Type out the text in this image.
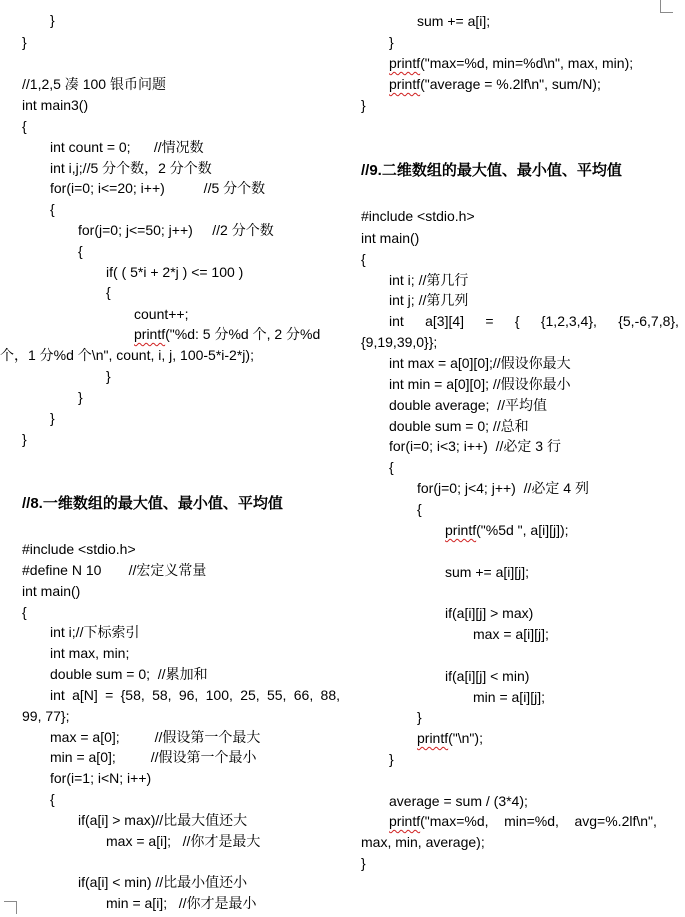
}
}
//1,2,5 凑 100 银币问题
int main3()
{
int count = 0;      //情况数
int i,j;//5 分个数，2 分个数
for(i=0; i<=20; i++)          //5 分个数
{
for(j=0; j<=50; j++)     //2 分个数
{
if( ( 5*i + 2*j ) <= 100 )
{
count++;
printf("%d: 5 分%d 个, 2 分%d
个，1 分%d 个\n", count, i, j, 100-5*i-2*j);
}
}
}
}
//8.一维数组的最大值、最小值、平均值
#include <stdio.h>
#define N 10       //宏定义常量
int main()
{
int i;//下标索引
int max, min;
double sum = 0;  //累加和
int a[N] = {58, 58, 96, 100, 25, 55, 66, 88,
99, 77};
max = a[0];         //假设第一个最大
min = a[0];         //假设第一个最小
for(i=1; i<N; i++)
{
if(a[i] > max)//比最大值还大
max = a[i];   //你才是最大
if(a[i] < min) //比最小值还小
min = a[i];   //你才是最小
sum += a[i];
}
printf("max=%d, min=%d\n", max, min);
printf("average = %.2lf\n", sum/N);
}
//9.二维数组的最大值、最小值、平均值
#include <stdio.h>
int main()
{
int i; //第几行
int j; //第几列
int a[3][4] = { {1,2,3,4}, {5,-6,7,8},
{9,19,39,0}};
int max = a[0][0];//假设你最大
int min = a[0][0]; //假设你最小
double average;  //平均值
double sum = 0; //总和
for(i=0; i<3; i++)  //必定 3 行
{
for(j=0; j<4; j++)  //必定 4 列
{
printf("%5d ", a[i][j]);
sum += a[i][j];
if(a[i][j] > max)
max = a[i][j];
if(a[i][j] < min)
min = a[i][j];
}
printf("\n");
}
average = sum / (3*4);
printf("max=%d,    min=%d,    avg=%.2lf\n",
max, min, average);
}
